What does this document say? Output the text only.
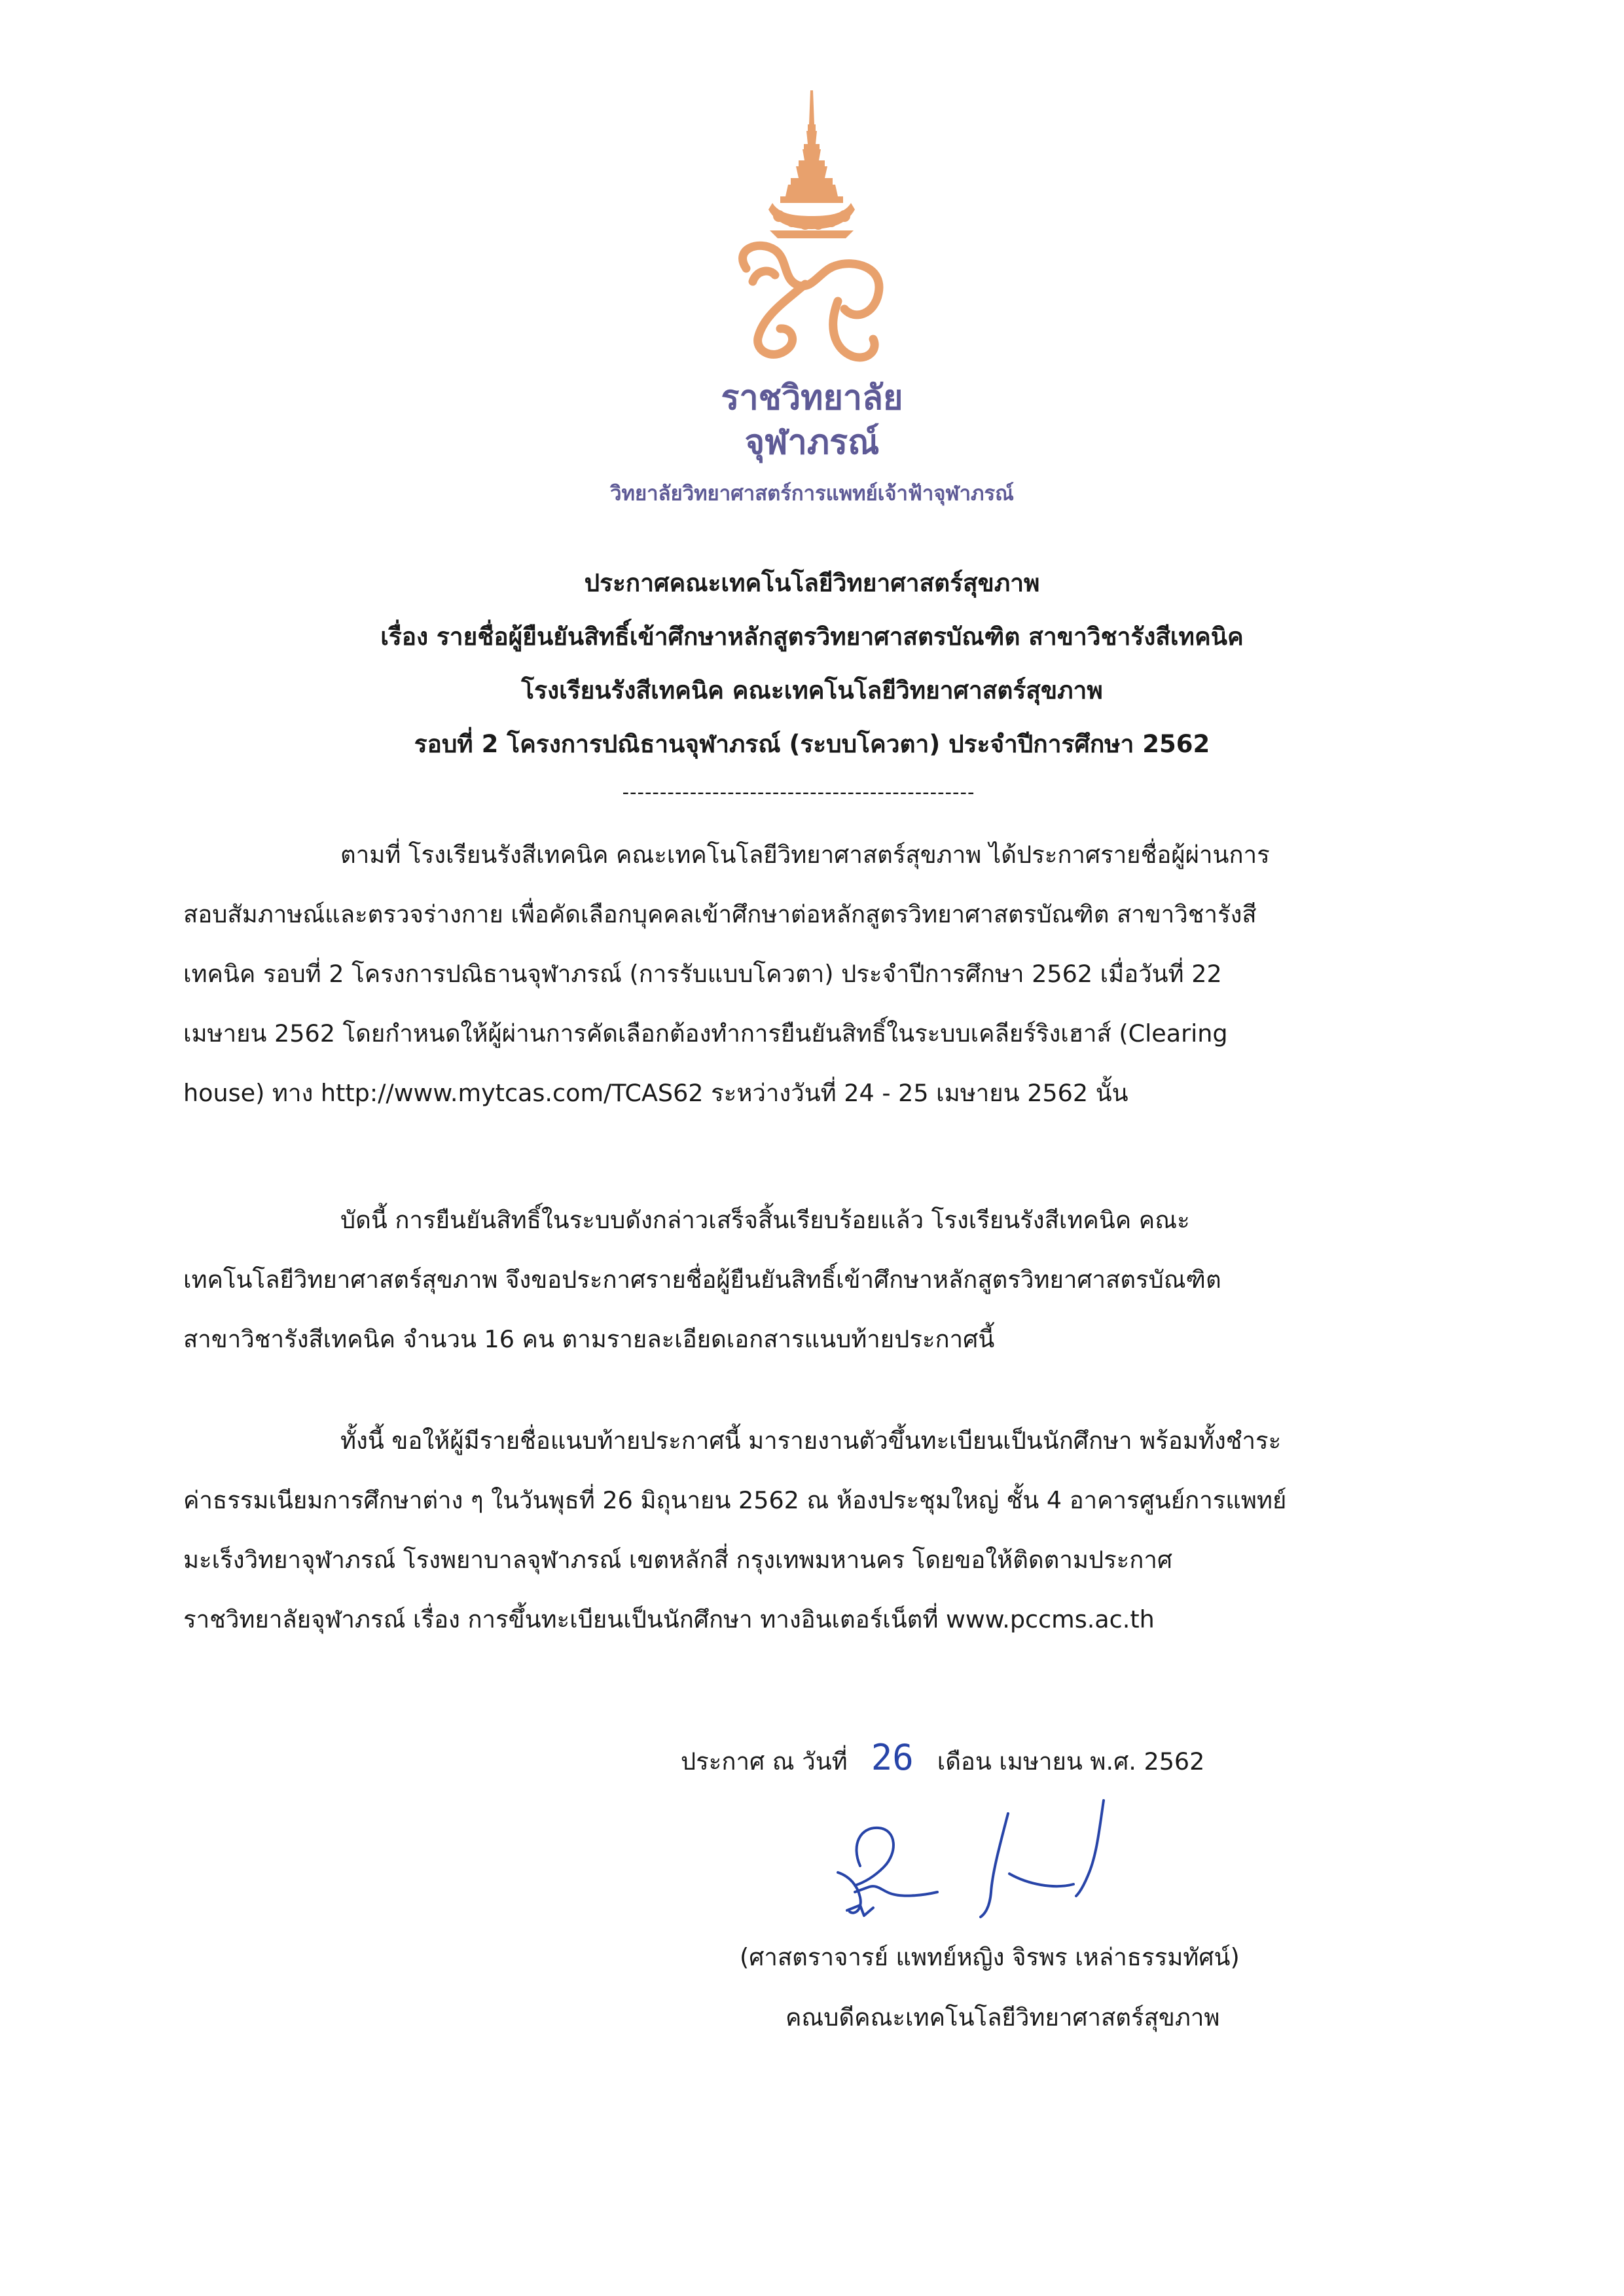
ราชวิทยาลัย
จุฬาภรณ์
วิทยาลัยวิทยาศาสตร์การแพทย์เจ้าฟ้าจุฬาภรณ์
ประกาศคณะเทคโนโลยีวิทยาศาสตร์สุขภาพ
เรื่อง รายชื่อผู้ยืนยันสิทธิ์เข้าศึกษาหลักสูตรวิทยาศาสตรบัณฑิต สาขาวิชารังสีเทคนิค
โรงเรียนรังสีเทคนิค คณะเทคโนโลยีวิทยาศาสตร์สุขภาพ
รอบที่ 2 โครงการปณิธานจุฬาภรณ์ (ระบบโควตา) ประจำปีการศึกษา 2562
-----------------------------------------------
ตามที่ โรงเรียนรังสีเทคนิค คณะเทคโนโลยีวิทยาศาสตร์สุขภาพ ได้ประกาศรายชื่อผู้ผ่านการ
สอบสัมภาษณ์และตรวจร่างกาย เพื่อคัดเลือกบุคคลเข้าศึกษาต่อหลักสูตรวิทยาศาสตรบัณฑิต สาขาวิชารังสี
เทคนิค รอบที่ 2 โครงการปณิธานจุฬาภรณ์ (การรับแบบโควตา) ประจำปีการศึกษา 2562 เมื่อวันที่ 22
เมษายน 2562 โดยกำหนดให้ผู้ผ่านการคัดเลือกต้องทำการยืนยันสิทธิ์ในระบบเคลียร์ริงเฮาส์ (Clearing
house) ทาง http://www.mytcas.com/TCAS62 ระหว่างวันที่ 24 - 25 เมษายน 2562 นั้น
บัดนี้ การยืนยันสิทธิ์ในระบบดังกล่าวเสร็จสิ้นเรียบร้อยแล้ว โรงเรียนรังสีเทคนิค คณะ
เทคโนโลยีวิทยาศาสตร์สุขภาพ จึงขอประกาศรายชื่อผู้ยืนยันสิทธิ์เข้าศึกษาหลักสูตรวิทยาศาสตรบัณฑิต
สาขาวิชารังสีเทคนิค จำนวน 16 คน ตามรายละเอียดเอกสารแนบท้ายประกาศนี้
ทั้งนี้ ขอให้ผู้มีรายชื่อแนบท้ายประกาศนี้ มารายงานตัวขึ้นทะเบียนเป็นนักศึกษา พร้อมทั้งชำระ
ค่าธรรมเนียมการศึกษาต่าง ๆ ในวันพุธที่ 26 มิถุนายน 2562 ณ ห้องประชุมใหญ่ ชั้น 4 อาคารศูนย์การแพทย์
มะเร็งวิทยาจุฬาภรณ์ โรงพยาบาลจุฬาภรณ์ เขตหลักสี่ กรุงเทพมหานคร โดยขอให้ติดตามประกาศ
ราชวิทยาลัยจุฬาภรณ์ เรื่อง การขึ้นทะเบียนเป็นนักศึกษา ทางอินเตอร์เน็ตที่ www.pccms.ac.th
ประกาศ ณ วันที่ 26 เดือน เมษายน พ.ศ. 2562
(ศาสตราจารย์ แพทย์หญิง จิรพร เหล่าธรรมทัศน์)
คณบดีคณะเทคโนโลยีวิทยาศาสตร์สุขภาพ
